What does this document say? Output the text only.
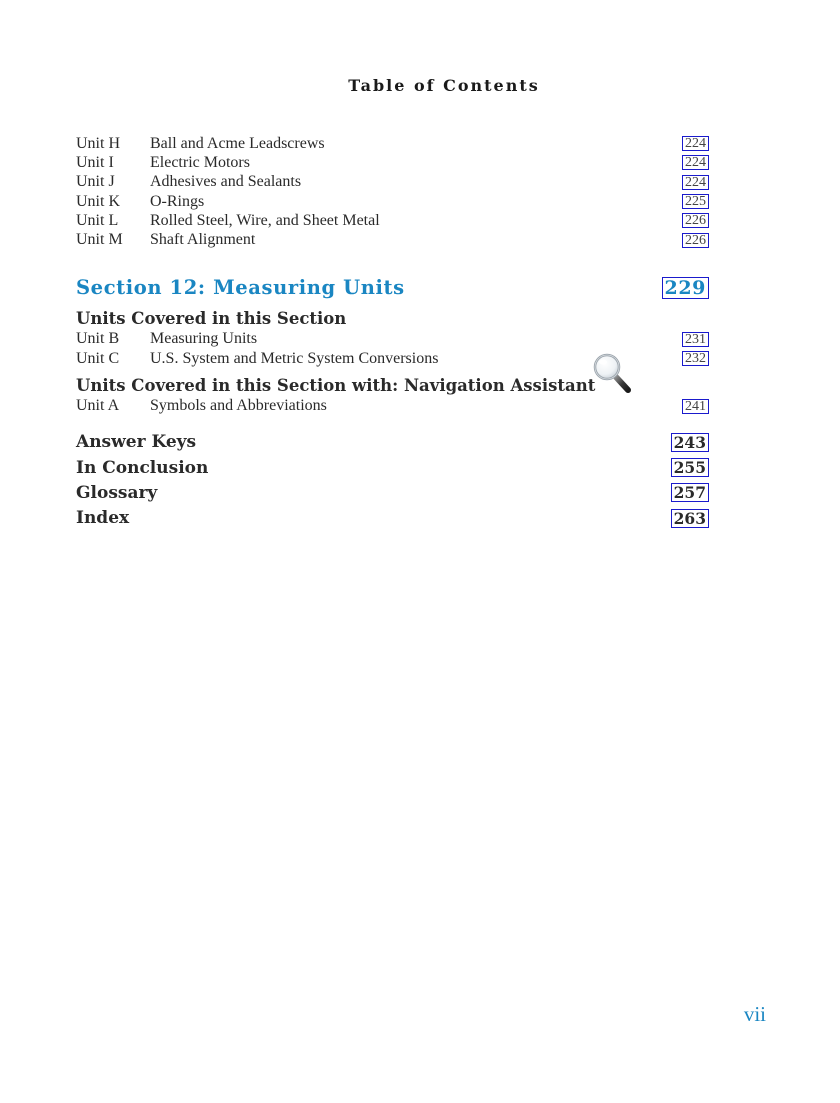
Table of Contents
Unit H	Ball and Acme Leadscrews	224
Unit I	Electric Motors	224
Unit J	Adhesives and Sealants	224
Unit K	O-Rings	225
Unit L	Rolled Steel, Wire, and Sheet Metal	226
Unit M	Shaft Alignment	226
Section 12: Measuring Units	229
Units Covered in this Section
Unit B	Measuring Units	231
Unit C	U.S. System and Metric System Conversions	232
Units Covered in this Section with: Navigation Assistant
Unit A	Symbols and Abbreviations	241
Answer Keys	243
In Conclusion	255
Glossary	257
Index	263
vii
